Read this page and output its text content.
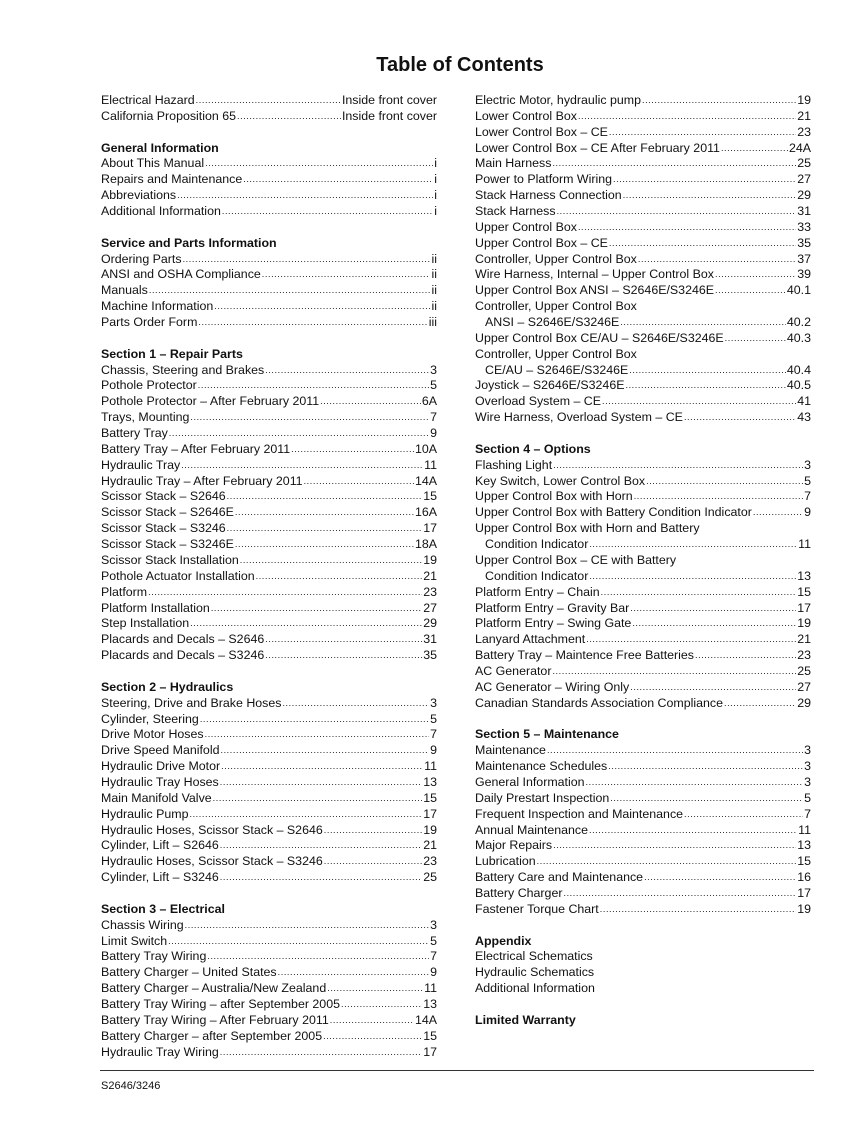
Table of Contents
Electrical Hazard .....	Inside front cover
California Proposition 65 .....	Inside front cover
General Information
About This Manual .....	i
Repairs and Maintenance .....	i
Abbreviations .....	i
Additional Information .....	i
Service and Parts Information
Ordering Parts .....	ii
ANSI and OSHA Compliance .....	ii
Manuals .....	ii
Machine Information .....	ii
Parts Order Form .....	iii
Section 1 – Repair Parts
Chassis, Steering and Brakes .....	3
Pothole Protector .....	5
Pothole Protector – After February 2011 .....	6A
Trays, Mounting .....	7
Battery Tray .....	9
Battery Tray – After February 2011 .....	10A
Hydraulic Tray .....	11
Hydraulic Tray – After February 2011 .....	14A
Scissor Stack – S2646 .....	15
Scissor Stack – S2646E .....	16A
Scissor Stack – S3246 .....	17
Scissor Stack – S3246E .....	18A
Scissor Stack Installation .....	19
Pothole Actuator Installation .....	21
Platform .....	23
Platform Installation .....	27
Step Installation .....	29
Placards and Decals – S2646 .....	31
Placards and Decals – S3246 .....	35
Section 2 – Hydraulics
Steering, Drive and Brake Hoses .....	3
Cylinder, Steering .....	5
Drive Motor Hoses .....	7
Drive Speed Manifold .....	9
Hydraulic Drive Motor .....	11
Hydraulic Tray Hoses .....	13
Main Manifold Valve .....	15
Hydraulic Pump .....	17
Hydraulic Hoses, Scissor Stack – S2646 .....	19
Cylinder, Lift – S2646 .....	21
Hydraulic Hoses, Scissor Stack – S3246 .....	23
Cylinder, Lift – S3246 .....	25
Section 3 – Electrical
Chassis Wiring .....	3
Limit Switch .....	5
Battery Tray Wiring .....	7
Battery Charger – United States .....	9
Battery Charger – Australia/New Zealand .....	11
Battery Tray Wiring – after September 2005 .....	13
Battery Tray Wiring – After February 2011 .....	14A
Battery Charger – after September 2005 .....	15
Hydraulic Tray Wiring .....	17
Electric Motor, hydraulic pump .....	19
Lower Control Box .....	21
Lower Control Box – CE .....	23
Lower Control Box – CE After February 2011 .....	24A
Main Harness .....	25
Power to Platform Wiring .....	27
Stack Harness Connection .....	29
Stack Harness .....	31
Upper Control Box .....	33
Upper Control Box – CE .....	35
Controller, Upper Control Box .....	37
Wire Harness, Internal – Upper Control Box .....	39
Upper Control Box ANSI – S2646E/S3246E .....	40.1
Controller, Upper Control Box
ANSI – S2646E/S3246E .....	40.2
Upper Control Box CE/AU – S2646E/S3246E .....	40.3
Controller, Upper Control Box
CE/AU – S2646E/S3246E .....	40.4
Joystick – S2646E/S3246E .....	40.5
Overload System – CE .....	41
Wire Harness, Overload System – CE .....	43
Section 4 – Options
Flashing Light .....	3
Key Switch, Lower Control Box .....	5
Upper Control Box with Horn .....	7
Upper Control Box with Battery Condition Indicator .....	9
Upper Control Box with Horn and Battery
Condition Indicator .....	11
Upper Control Box – CE with Battery
Condition Indicator .....	13
Platform Entry – Chain .....	15
Platform Entry – Gravity Bar .....	17
Platform Entry – Swing Gate .....	19
Lanyard Attachment .....	21
Battery Tray – Maintence Free Batteries .....	23
AC Generator .....	25
AC Generator – Wiring Only .....	27
Canadian Standards Association Compliance .....	29
Section 5 – Maintenance
Maintenance .....	3
Maintenance Schedules .....	3
General Information .....	3
Daily Prestart Inspection .....	5
Frequent Inspection and Maintenance .....	7
Annual Maintenance .....	11
Major Repairs .....	13
Lubrication .....	15
Battery Care and Maintenance .....	16
Battery Charger .....	17
Fastener Torque Chart .....	19
Appendix
Electrical Schematics
Hydraulic Schematics
Additional Information
Limited Warranty
S2646/3246
